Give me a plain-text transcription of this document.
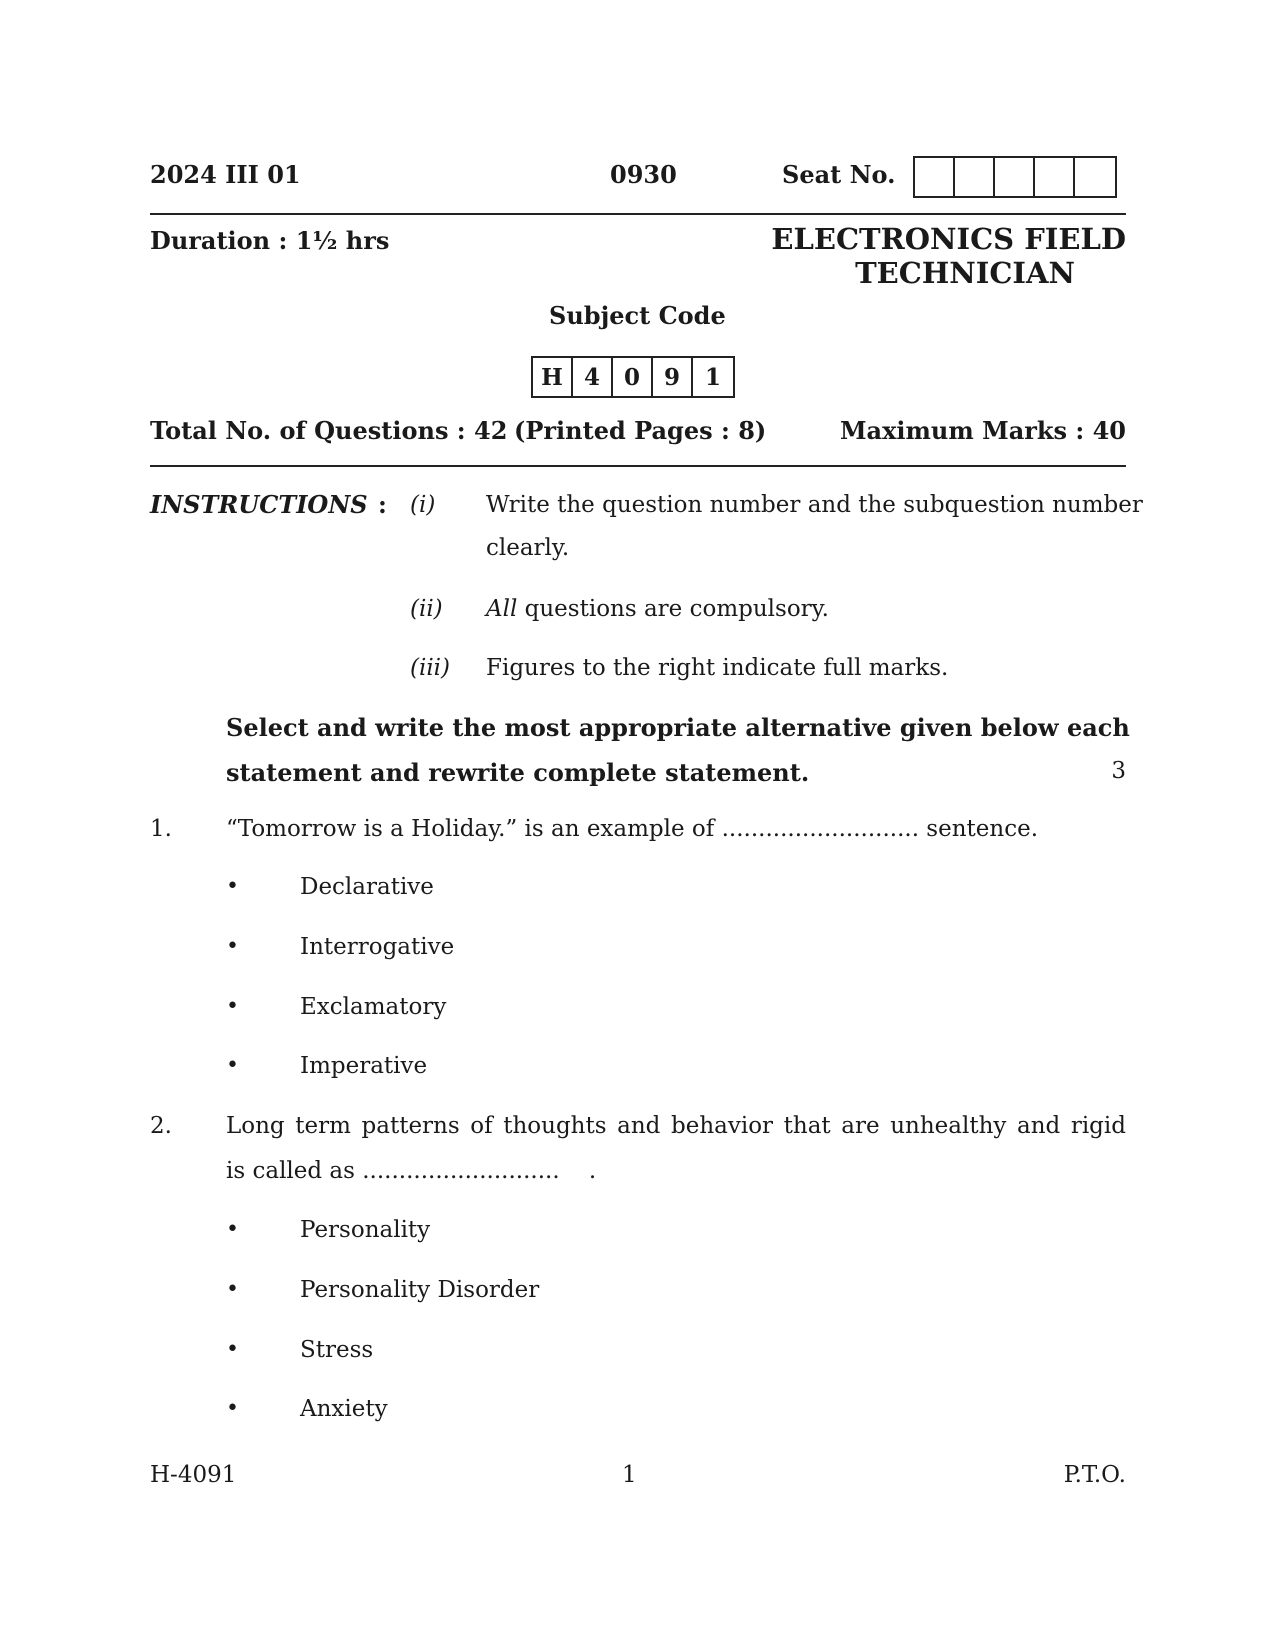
2024 III 01	0930	Seat No.
Duration : 1½ hrs	ELECTRONICS FIELD
TECHNICIAN
Subject Code
H 4	0	9	1
Total No. of Questions : 42 (Printed Pages : 8)	Maximum Marks : 40
INSTRUCTIONS : (i) Write the question number and the subquestion number
clearly.
(ii) All questions are compulsory.
(iii) Figures to the right indicate full marks.
Select and write the most appropriate alternative given below each
statement and rewrite complete statement.	3
1. “Tomorrow is a Holiday.” is an example of ........................... sentence.
•	Declarative
•	Interrogative
•	Exclamatory
•	Imperative
2. Long term patterns of thoughts and behavior that are unhealthy and rigid
is called as ...........................    .
•	Personality
•	Personality Disorder
•	Stress
•	Anxiety
H-4091	1	P.T.O.
